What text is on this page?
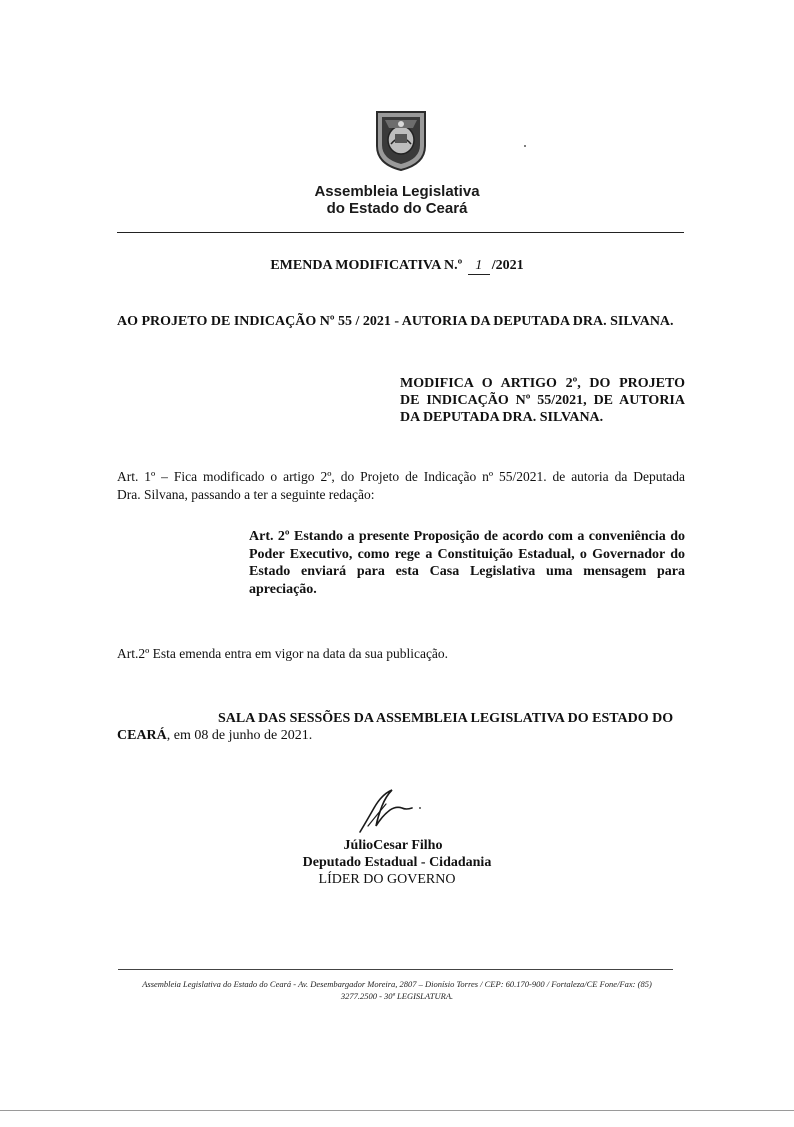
Assembleia Legislativa
do Estado do Ceará
EMENDA MODIFICATIVA N.º 1 /2021
AO PROJETO DE INDICAÇÃO Nº 55 / 2021 - AUTORIA DA DEPUTADA DRA. SILVANA.
MODIFICA O ARTIGO 2º, DO PROJETO
DE INDICAÇÃO Nº 55/2021, DE AUTORIA
DA DEPUTADA DRA. SILVANA.
Art. 1º – Fica modificado o artigo 2º, do Projeto de Indicação nº 55/2021. de autoria da Deputada
Dra. Silvana, passando a ter a seguinte redação:
Art. 2º Estando a presente Proposição de acordo com a conveniência do
Poder Executivo, como rege a Constituição Estadual, o Governador do
Estado enviará para esta Casa Legislativa uma mensagem para
apreciação.
Art.2º Esta emenda entra em vigor na data da sua publicação.
SALA DAS SESSÕES DA ASSEMBLEIA LEGISLATIVA DO ESTADO DO
CEARÁ, em 08 de junho de 2021.
JúlioCesar Filho
Deputado Estadual - Cidadania
LÍDER DO GOVERNO
Assembleia Legislativa do Estado do Ceará - Av. Desembargador Moreira, 2807 – Dionísio Torres / CEP: 60.170-900 / Fortaleza/CE Fone/Fax: (85)
3277.2500 - 30ª LEGISLATURA.
